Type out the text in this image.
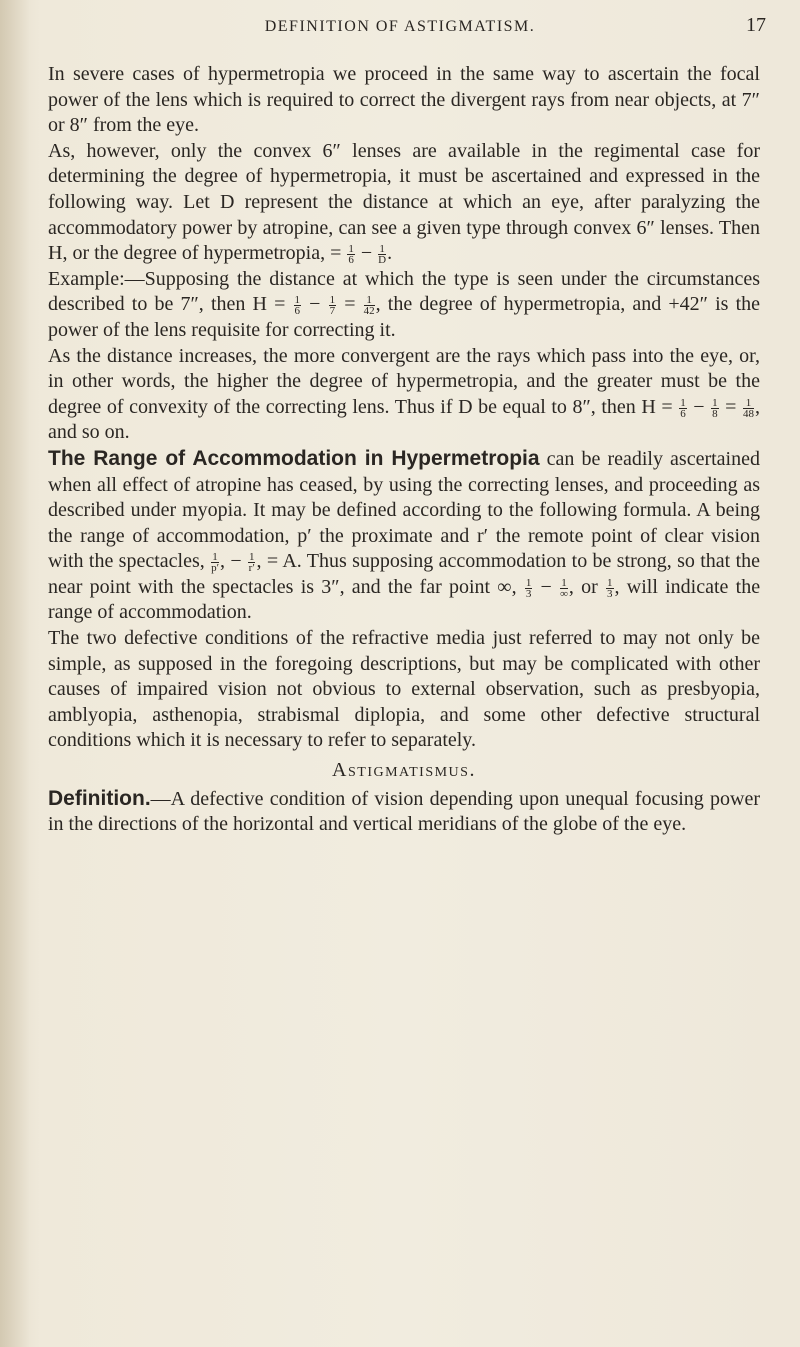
DEFINITION OF ASTIGMATISM.	17

In severe cases of hypermetropia we proceed in the same way to ascertain the focal power of the lens which is required to correct the divergent rays from near objects, at 7″ or 8″ from the eye.

As, however, only the convex 6″ lenses are available in the regimental case for determining the degree of hypermetropia, it must be ascertained and expressed in the following way. Let D represent the distance at which an eye, after paralyzing the accommodatory power by atropine, can see a given type through convex 6″ lenses. Then H, or the degree of hypermetropia, = $\frac{1}{6} - \frac{1}{D}$ .

Example:—Supposing the distance at which the type is seen under the circumstances described to be 7″, then $H = \frac{1}{6} - \frac{1}{7} = \frac{1}{42}$ , the degree of hypermetropia, and +42″ is the power of the lens requisite for correcting it.

As the distance increases, the more convergent are the rays which pass into the eye, or, in other words, the higher the degree of hypermetropia, and the greater must be the degree of convexity of the correcting lens. Thus if D be equal to 8″, then $H = \frac{1}{6} - \frac{1}{8} = \frac{1}{48}$ , and so on.

The Range of Accommodation in Hypermetropia can be readily ascertained when all effect of atropine has ceased, by using the correcting lenses, and proceeding as described under myopia. It may be defined according to the following formula. A being the range of accommodation, p′ the proximate and r′ the remote point of clear vision with the spectacles, $\frac{1}{p'}$ , − $\frac{1}{r'}$ , = A. Thus supposing accommodation to be strong, so that the near point with the spectacles is 3″, and the far point ∞, $\frac{1}{3} - \frac{1}{\infty}$ , or $\frac{1}{3}$ , will indicate the range of accommodation.

The two defective conditions of the refractive media just referred to may not only be simple, as supposed in the foregoing descriptions, but may be complicated with other causes of impaired vision not obvious to external observation, such as presbyopia, amblyopia, asthenopia, strabismal diplopia, and some other defective structural conditions which it is necessary to refer to separately.

Astigmatismus.

Definition.—A defective condition of vision depending upon unequal focusing power in the directions of the horizontal and vertical meridians of the globe of the eye.
